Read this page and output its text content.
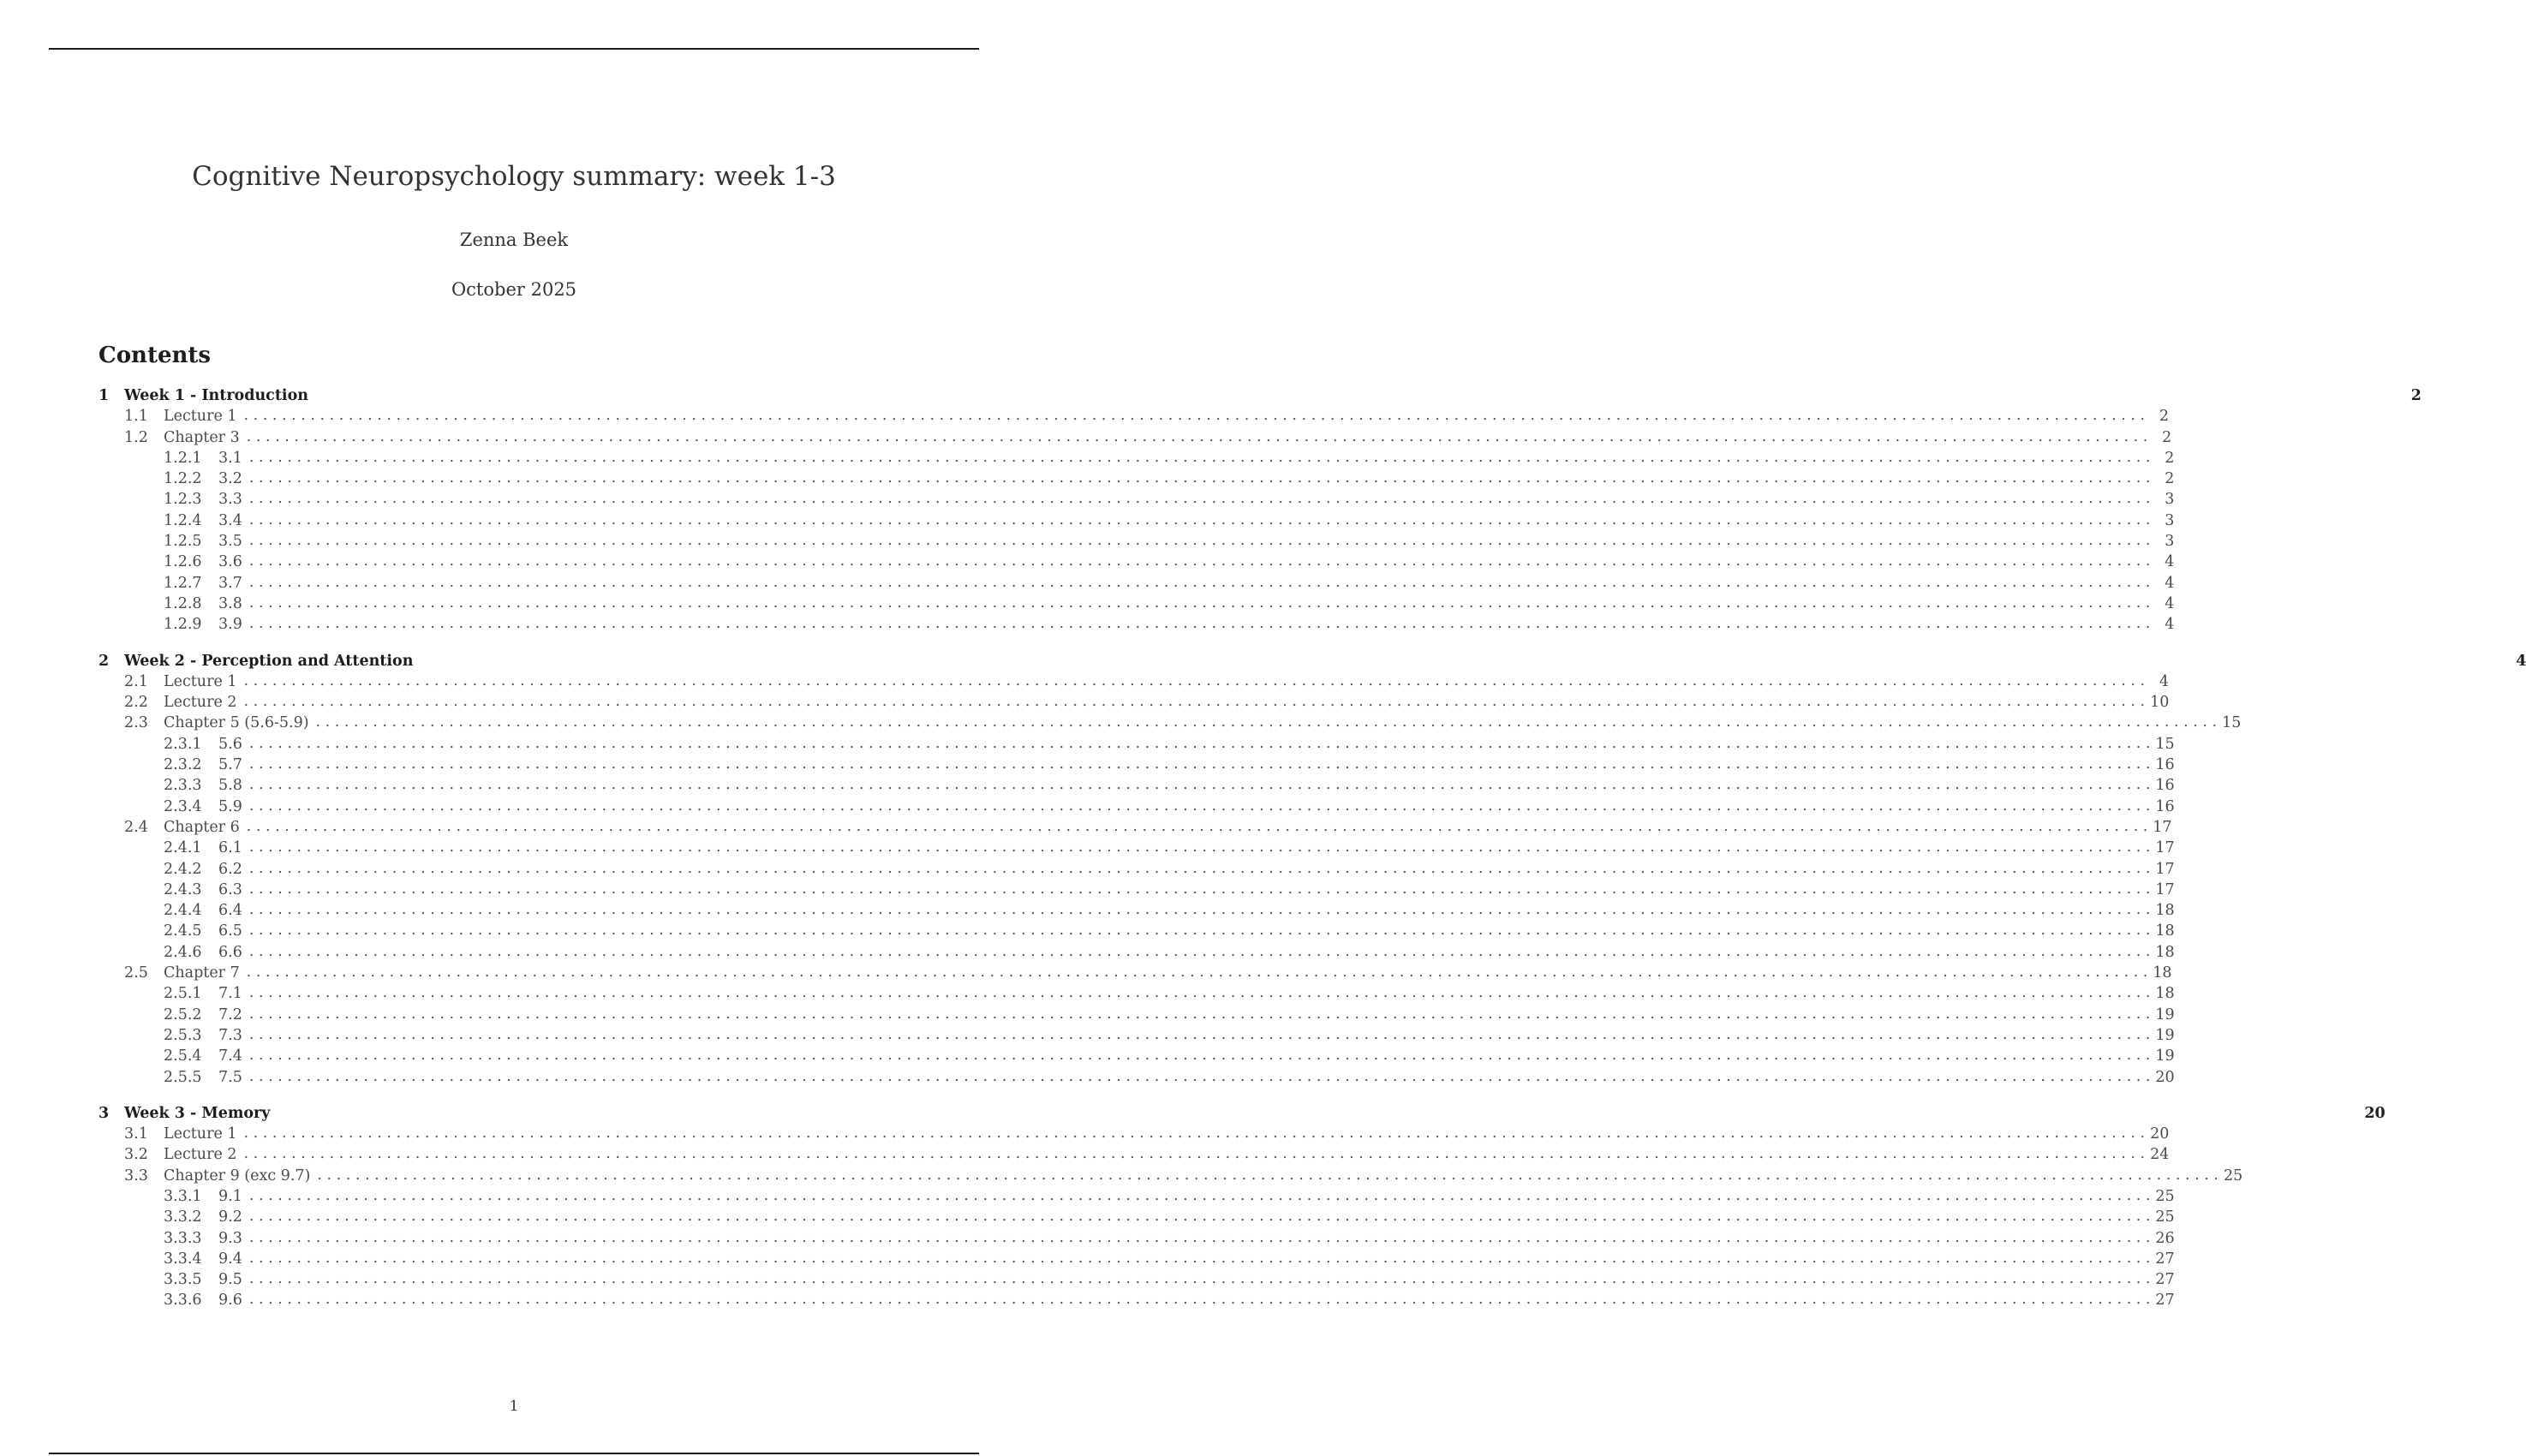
Cognitive Neuropsychology summary: week 1-3
Zenna Beek
October 2025
Contents
1	Week 1 - Introduction	2
1.1	Lecture 1 . . . . . . . . . . . . . . . . . . . . . . . . . . . . . . . . . . . . . . . . . . . . . . . . . . . . . . . . . . . . . . . . . . . . . . . . . . . . . . . . . . . . . . . . . . . . . . . . . . . . . . . . . . . . . . . . . . . . . . . . . . . . . . . . . . . . . . . . . . . . . . . . . . . . . . . . . . . . . . . . . . . . . . . . . . . . . . . . . . . . . . . . . . . . . . . . . . . . . . . . 2
1.2	Chapter 3 . . . . . . . . . . . . . . . . . . . . . . . . . . . . . . . . . . . . . . . . . . . . . . . . . . . . . . . . . . . . . . . . . . . . . . . . . . . . . . . . . . . . . . . . . . . . . . . . . . . . . . . . . . . . . . . . . . . . . . . . . . . . . . . . . . . . . . . . . . . . . . . . . . . . . . . . . . . . . . . . . . . . . . . . . . . . . . . . . . . . . . . . . . . . . . . . . . . . . . . . 2
1.2.1	3.1 . . . . . . . . . . . . . . . . . . . . . . . . . . . . . . . . . . . . . . . . . . . . . . . . . . . . . . . . . . . . . . . . . . . . . . . . . . . . . . . . . . . . . . . . . . . . . . . . . . . . . . . . . . . . . . . . . . . . . . . . . . . . . . . . . . . . . . . . . . . . . . . . . . . . . . . . . . . . . . . . . . . . . . . . . . . . . . . . . . . . . . . . . . . . . . . . . . . . . . . . 2
1.2.2	3.2 . . . . . . . . . . . . . . . . . . . . . . . . . . . . . . . . . . . . . . . . . . . . . . . . . . . . . . . . . . . . . . . . . . . . . . . . . . . . . . . . . . . . . . . . . . . . . . . . . . . . . . . . . . . . . . . . . . . . . . . . . . . . . . . . . . . . . . . . . . . . . . . . . . . . . . . . . . . . . . . . . . . . . . . . . . . . . . . . . . . . . . . . . . . . . . . . . . . . . . . . 2
1.2.3	3.3 . . . . . . . . . . . . . . . . . . . . . . . . . . . . . . . . . . . . . . . . . . . . . . . . . . . . . . . . . . . . . . . . . . . . . . . . . . . . . . . . . . . . . . . . . . . . . . . . . . . . . . . . . . . . . . . . . . . . . . . . . . . . . . . . . . . . . . . . . . . . . . . . . . . . . . . . . . . . . . . . . . . . . . . . . . . . . . . . . . . . . . . . . . . . . . . . . . . . . . . . 3
1.2.4	3.4 . . . . . . . . . . . . . . . . . . . . . . . . . . . . . . . . . . . . . . . . . . . . . . . . . . . . . . . . . . . . . . . . . . . . . . . . . . . . . . . . . . . . . . . . . . . . . . . . . . . . . . . . . . . . . . . . . . . . . . . . . . . . . . . . . . . . . . . . . . . . . . . . . . . . . . . . . . . . . . . . . . . . . . . . . . . . . . . . . . . . . . . . . . . . . . . . . . . . . . . . 3
1.2.5	3.5 . . . . . . . . . . . . . . . . . . . . . . . . . . . . . . . . . . . . . . . . . . . . . . . . . . . . . . . . . . . . . . . . . . . . . . . . . . . . . . . . . . . . . . . . . . . . . . . . . . . . . . . . . . . . . . . . . . . . . . . . . . . . . . . . . . . . . . . . . . . . . . . . . . . . . . . . . . . . . . . . . . . . . . . . . . . . . . . . . . . . . . . . . . . . . . . . . . . . . . . . 3
1.2.6	3.6 . . . . . . . . . . . . . . . . . . . . . . . . . . . . . . . . . . . . . . . . . . . . . . . . . . . . . . . . . . . . . . . . . . . . . . . . . . . . . . . . . . . . . . . . . . . . . . . . . . . . . . . . . . . . . . . . . . . . . . . . . . . . . . . . . . . . . . . . . . . . . . . . . . . . . . . . . . . . . . . . . . . . . . . . . . . . . . . . . . . . . . . . . . . . . . . . . . . . . . . . 4
1.2.7	3.7 . . . . . . . . . . . . . . . . . . . . . . . . . . . . . . . . . . . . . . . . . . . . . . . . . . . . . . . . . . . . . . . . . . . . . . . . . . . . . . . . . . . . . . . . . . . . . . . . . . . . . . . . . . . . . . . . . . . . . . . . . . . . . . . . . . . . . . . . . . . . . . . . . . . . . . . . . . . . . . . . . . . . . . . . . . . . . . . . . . . . . . . . . . . . . . . . . . . . . . . . 4
1.2.8	3.8 . . . . . . . . . . . . . . . . . . . . . . . . . . . . . . . . . . . . . . . . . . . . . . . . . . . . . . . . . . . . . . . . . . . . . . . . . . . . . . . . . . . . . . . . . . . . . . . . . . . . . . . . . . . . . . . . . . . . . . . . . . . . . . . . . . . . . . . . . . . . . . . . . . . . . . . . . . . . . . . . . . . . . . . . . . . . . . . . . . . . . . . . . . . . . . . . . . . . . . . . 4
1.2.9	3.9 . . . . . . . . . . . . . . . . . . . . . . . . . . . . . . . . . . . . . . . . . . . . . . . . . . . . . . . . . . . . . . . . . . . . . . . . . . . . . . . . . . . . . . . . . . . . . . . . . . . . . . . . . . . . . . . . . . . . . . . . . . . . . . . . . . . . . . . . . . . . . . . . . . . . . . . . . . . . . . . . . . . . . . . . . . . . . . . . . . . . . . . . . . . . . . . . . . . . . . . . 4
2	Week 2 - Perception and Attention	4
2.1	Lecture 1 . . . . . . . . . . . . . . . . . . . . . . . . . . . . . . . . . . . . . . . . . . . . . . . . . . . . . . . . . . . . . . . . . . . . . . . . . . . . . . . . . . . . . . . . . . . . . . . . . . . . . . . . . . . . . . . . . . . . . . . . . . . . . . . . . . . . . . . . . . . . . . . . . . . . . . . . . . . . . . . . . . . . . . . . . . . . . . . . . . . . . . . . . . . . . . . . . . . . . . . . 4
2.2	Lecture 2 . . . . . . . . . . . . . . . . . . . . . . . . . . . . . . . . . . . . . . . . . . . . . . . . . . . . . . . . . . . . . . . . . . . . . . . . . . . . . . . . . . . . . . . . . . . . . . . . . . . . . . . . . . . . . . . . . . . . . . . . . . . . . . . . . . . . . . . . . . . . . . . . . . . . . . . . . . . . . . . . . . . . . . . . . . . . . . . . . . . . . . . . . . . . . . . . . . . . . . . . 10
2.3	Chapter 5 (5.6-5.9) . . . . . . . . . . . . . . . . . . . . . . . . . . . . . . . . . . . . . . . . . . . . . . . . . . . . . . . . . . . . . . . . . . . . . . . . . . . . . . . . . . . . . . . . . . . . . . . . . . . . . . . . . . . . . . . . . . . . . . . . . . . . . . . . . . . . . . . . . . . . . . . . . . . . . . . . . . . . . . . . . . . . . . . . . . . . . . . . . . . . . . . . . . . . . . . . . . . . . . . . 15
2.3.1	5.6 . . . . . . . . . . . . . . . . . . . . . . . . . . . . . . . . . . . . . . . . . . . . . . . . . . . . . . . . . . . . . . . . . . . . . . . . . . . . . . . . . . . . . . . . . . . . . . . . . . . . . . . . . . . . . . . . . . . . . . . . . . . . . . . . . . . . . . . . . . . . . . . . . . . . . . . . . . . . . . . . . . . . . . . . . . . . . . . . . . . . . . . . . . . . . . . . . . . . . . . . 15
2.3.2	5.7 . . . . . . . . . . . . . . . . . . . . . . . . . . . . . . . . . . . . . . . . . . . . . . . . . . . . . . . . . . . . . . . . . . . . . . . . . . . . . . . . . . . . . . . . . . . . . . . . . . . . . . . . . . . . . . . . . . . . . . . . . . . . . . . . . . . . . . . . . . . . . . . . . . . . . . . . . . . . . . . . . . . . . . . . . . . . . . . . . . . . . . . . . . . . . . . . . . . . . . . . 16
2.3.3	5.8 . . . . . . . . . . . . . . . . . . . . . . . . . . . . . . . . . . . . . . . . . . . . . . . . . . . . . . . . . . . . . . . . . . . . . . . . . . . . . . . . . . . . . . . . . . . . . . . . . . . . . . . . . . . . . . . . . . . . . . . . . . . . . . . . . . . . . . . . . . . . . . . . . . . . . . . . . . . . . . . . . . . . . . . . . . . . . . . . . . . . . . . . . . . . . . . . . . . . . . . . 16
2.3.4	5.9 . . . . . . . . . . . . . . . . . . . . . . . . . . . . . . . . . . . . . . . . . . . . . . . . . . . . . . . . . . . . . . . . . . . . . . . . . . . . . . . . . . . . . . . . . . . . . . . . . . . . . . . . . . . . . . . . . . . . . . . . . . . . . . . . . . . . . . . . . . . . . . . . . . . . . . . . . . . . . . . . . . . . . . . . . . . . . . . . . . . . . . . . . . . . . . . . . . . . . . . . 16
2.4	Chapter 6 . . . . . . . . . . . . . . . . . . . . . . . . . . . . . . . . . . . . . . . . . . . . . . . . . . . . . . . . . . . . . . . . . . . . . . . . . . . . . . . . . . . . . . . . . . . . . . . . . . . . . . . . . . . . . . . . . . . . . . . . . . . . . . . . . . . . . . . . . . . . . . . . . . . . . . . . . . . . . . . . . . . . . . . . . . . . . . . . . . . . . . . . . . . . . . . . . . . . . . . . 17
2.4.1	6.1 . . . . . . . . . . . . . . . . . . . . . . . . . . . . . . . . . . . . . . . . . . . . . . . . . . . . . . . . . . . . . . . . . . . . . . . . . . . . . . . . . . . . . . . . . . . . . . . . . . . . . . . . . . . . . . . . . . . . . . . . . . . . . . . . . . . . . . . . . . . . . . . . . . . . . . . . . . . . . . . . . . . . . . . . . . . . . . . . . . . . . . . . . . . . . . . . . . . . . . . . 17
2.4.2	6.2 . . . . . . . . . . . . . . . . . . . . . . . . . . . . . . . . . . . . . . . . . . . . . . . . . . . . . . . . . . . . . . . . . . . . . . . . . . . . . . . . . . . . . . . . . . . . . . . . . . . . . . . . . . . . . . . . . . . . . . . . . . . . . . . . . . . . . . . . . . . . . . . . . . . . . . . . . . . . . . . . . . . . . . . . . . . . . . . . . . . . . . . . . . . . . . . . . . . . . . . . 17
2.4.3	6.3 . . . . . . . . . . . . . . . . . . . . . . . . . . . . . . . . . . . . . . . . . . . . . . . . . . . . . . . . . . . . . . . . . . . . . . . . . . . . . . . . . . . . . . . . . . . . . . . . . . . . . . . . . . . . . . . . . . . . . . . . . . . . . . . . . . . . . . . . . . . . . . . . . . . . . . . . . . . . . . . . . . . . . . . . . . . . . . . . . . . . . . . . . . . . . . . . . . . . . . . . 17
2.4.4	6.4 . . . . . . . . . . . . . . . . . . . . . . . . . . . . . . . . . . . . . . . . . . . . . . . . . . . . . . . . . . . . . . . . . . . . . . . . . . . . . . . . . . . . . . . . . . . . . . . . . . . . . . . . . . . . . . . . . . . . . . . . . . . . . . . . . . . . . . . . . . . . . . . . . . . . . . . . . . . . . . . . . . . . . . . . . . . . . . . . . . . . . . . . . . . . . . . . . . . . . . . . 18
2.4.5	6.5 . . . . . . . . . . . . . . . . . . . . . . . . . . . . . . . . . . . . . . . . . . . . . . . . . . . . . . . . . . . . . . . . . . . . . . . . . . . . . . . . . . . . . . . . . . . . . . . . . . . . . . . . . . . . . . . . . . . . . . . . . . . . . . . . . . . . . . . . . . . . . . . . . . . . . . . . . . . . . . . . . . . . . . . . . . . . . . . . . . . . . . . . . . . . . . . . . . . . . . . . 18
2.4.6	6.6 . . . . . . . . . . . . . . . . . . . . . . . . . . . . . . . . . . . . . . . . . . . . . . . . . . . . . . . . . . . . . . . . . . . . . . . . . . . . . . . . . . . . . . . . . . . . . . . . . . . . . . . . . . . . . . . . . . . . . . . . . . . . . . . . . . . . . . . . . . . . . . . . . . . . . . . . . . . . . . . . . . . . . . . . . . . . . . . . . . . . . . . . . . . . . . . . . . . . . . . . 18
2.5	Chapter 7 . . . . . . . . . . . . . . . . . . . . . . . . . . . . . . . . . . . . . . . . . . . . . . . . . . . . . . . . . . . . . . . . . . . . . . . . . . . . . . . . . . . . . . . . . . . . . . . . . . . . . . . . . . . . . . . . . . . . . . . . . . . . . . . . . . . . . . . . . . . . . . . . . . . . . . . . . . . . . . . . . . . . . . . . . . . . . . . . . . . . . . . . . . . . . . . . . . . . . . . . 18
2.5.1	7.1 . . . . . . . . . . . . . . . . . . . . . . . . . . . . . . . . . . . . . . . . . . . . . . . . . . . . . . . . . . . . . . . . . . . . . . . . . . . . . . . . . . . . . . . . . . . . . . . . . . . . . . . . . . . . . . . . . . . . . . . . . . . . . . . . . . . . . . . . . . . . . . . . . . . . . . . . . . . . . . . . . . . . . . . . . . . . . . . . . . . . . . . . . . . . . . . . . . . . . . . . 18
2.5.2	7.2 . . . . . . . . . . . . . . . . . . . . . . . . . . . . . . . . . . . . . . . . . . . . . . . . . . . . . . . . . . . . . . . . . . . . . . . . . . . . . . . . . . . . . . . . . . . . . . . . . . . . . . . . . . . . . . . . . . . . . . . . . . . . . . . . . . . . . . . . . . . . . . . . . . . . . . . . . . . . . . . . . . . . . . . . . . . . . . . . . . . . . . . . . . . . . . . . . . . . . . . . 19
2.5.3	7.3 . . . . . . . . . . . . . . . . . . . . . . . . . . . . . . . . . . . . . . . . . . . . . . . . . . . . . . . . . . . . . . . . . . . . . . . . . . . . . . . . . . . . . . . . . . . . . . . . . . . . . . . . . . . . . . . . . . . . . . . . . . . . . . . . . . . . . . . . . . . . . . . . . . . . . . . . . . . . . . . . . . . . . . . . . . . . . . . . . . . . . . . . . . . . . . . . . . . . . . . . 19
2.5.4	7.4 . . . . . . . . . . . . . . . . . . . . . . . . . . . . . . . . . . . . . . . . . . . . . . . . . . . . . . . . . . . . . . . . . . . . . . . . . . . . . . . . . . . . . . . . . . . . . . . . . . . . . . . . . . . . . . . . . . . . . . . . . . . . . . . . . . . . . . . . . . . . . . . . . . . . . . . . . . . . . . . . . . . . . . . . . . . . . . . . . . . . . . . . . . . . . . . . . . . . . . . . 19
2.5.5	7.5 . . . . . . . . . . . . . . . . . . . . . . . . . . . . . . . . . . . . . . . . . . . . . . . . . . . . . . . . . . . . . . . . . . . . . . . . . . . . . . . . . . . . . . . . . . . . . . . . . . . . . . . . . . . . . . . . . . . . . . . . . . . . . . . . . . . . . . . . . . . . . . . . . . . . . . . . . . . . . . . . . . . . . . . . . . . . . . . . . . . . . . . . . . . . . . . . . . . . . . . . 20
3	Week 3 - Memory	20
3.1	Lecture 1 . . . . . . . . . . . . . . . . . . . . . . . . . . . . . . . . . . . . . . . . . . . . . . . . . . . . . . . . . . . . . . . . . . . . . . . . . . . . . . . . . . . . . . . . . . . . . . . . . . . . . . . . . . . . . . . . . . . . . . . . . . . . . . . . . . . . . . . . . . . . . . . . . . . . . . . . . . . . . . . . . . . . . . . . . . . . . . . . . . . . . . . . . . . . . . . . . . . . . . . . 20
3.2	Lecture 2 . . . . . . . . . . . . . . . . . . . . . . . . . . . . . . . . . . . . . . . . . . . . . . . . . . . . . . . . . . . . . . . . . . . . . . . . . . . . . . . . . . . . . . . . . . . . . . . . . . . . . . . . . . . . . . . . . . . . . . . . . . . . . . . . . . . . . . . . . . . . . . . . . . . . . . . . . . . . . . . . . . . . . . . . . . . . . . . . . . . . . . . . . . . . . . . . . . . . . . . . 24
3.3	Chapter 9 (exc 9.7) . . . . . . . . . . . . . . . . . . . . . . . . . . . . . . . . . . . . . . . . . . . . . . . . . . . . . . . . . . . . . . . . . . . . . . . . . . . . . . . . . . . . . . . . . . . . . . . . . . . . . . . . . . . . . . . . . . . . . . . . . . . . . . . . . . . . . . . . . . . . . . . . . . . . . . . . . . . . . . . . . . . . . . . . . . . . . . . . . . . . . . . . . . . . . . . . . . . . . . . . 25
3.3.1	9.1 . . . . . . . . . . . . . . . . . . . . . . . . . . . . . . . . . . . . . . . . . . . . . . . . . . . . . . . . . . . . . . . . . . . . . . . . . . . . . . . . . . . . . . . . . . . . . . . . . . . . . . . . . . . . . . . . . . . . . . . . . . . . . . . . . . . . . . . . . . . . . . . . . . . . . . . . . . . . . . . . . . . . . . . . . . . . . . . . . . . . . . . . . . . . . . . . . . . . . . . . 25
3.3.2	9.2 . . . . . . . . . . . . . . . . . . . . . . . . . . . . . . . . . . . . . . . . . . . . . . . . . . . . . . . . . . . . . . . . . . . . . . . . . . . . . . . . . . . . . . . . . . . . . . . . . . . . . . . . . . . . . . . . . . . . . . . . . . . . . . . . . . . . . . . . . . . . . . . . . . . . . . . . . . . . . . . . . . . . . . . . . . . . . . . . . . . . . . . . . . . . . . . . . . . . . . . . 25
3.3.3	9.3 . . . . . . . . . . . . . . . . . . . . . . . . . . . . . . . . . . . . . . . . . . . . . . . . . . . . . . . . . . . . . . . . . . . . . . . . . . . . . . . . . . . . . . . . . . . . . . . . . . . . . . . . . . . . . . . . . . . . . . . . . . . . . . . . . . . . . . . . . . . . . . . . . . . . . . . . . . . . . . . . . . . . . . . . . . . . . . . . . . . . . . . . . . . . . . . . . . . . . . . . 26
3.3.4	9.4 . . . . . . . . . . . . . . . . . . . . . . . . . . . . . . . . . . . . . . . . . . . . . . . . . . . . . . . . . . . . . . . . . . . . . . . . . . . . . . . . . . . . . . . . . . . . . . . . . . . . . . . . . . . . . . . . . . . . . . . . . . . . . . . . . . . . . . . . . . . . . . . . . . . . . . . . . . . . . . . . . . . . . . . . . . . . . . . . . . . . . . . . . . . . . . . . . . . . . . . . 27
3.3.5	9.5 . . . . . . . . . . . . . . . . . . . . . . . . . . . . . . . . . . . . . . . . . . . . . . . . . . . . . . . . . . . . . . . . . . . . . . . . . . . . . . . . . . . . . . . . . . . . . . . . . . . . . . . . . . . . . . . . . . . . . . . . . . . . . . . . . . . . . . . . . . . . . . . . . . . . . . . . . . . . . . . . . . . . . . . . . . . . . . . . . . . . . . . . . . . . . . . . . . . . . . . . 27
3.3.6	9.6 . . . . . . . . . . . . . . . . . . . . . . . . . . . . . . . . . . . . . . . . . . . . . . . . . . . . . . . . . . . . . . . . . . . . . . . . . . . . . . . . . . . . . . . . . . . . . . . . . . . . . . . . . . . . . . . . . . . . . . . . . . . . . . . . . . . . . . . . . . . . . . . . . . . . . . . . . . . . . . . . . . . . . . . . . . . . . . . . . . . . . . . . . . . . . . . . . . . . . . . . 27
1
